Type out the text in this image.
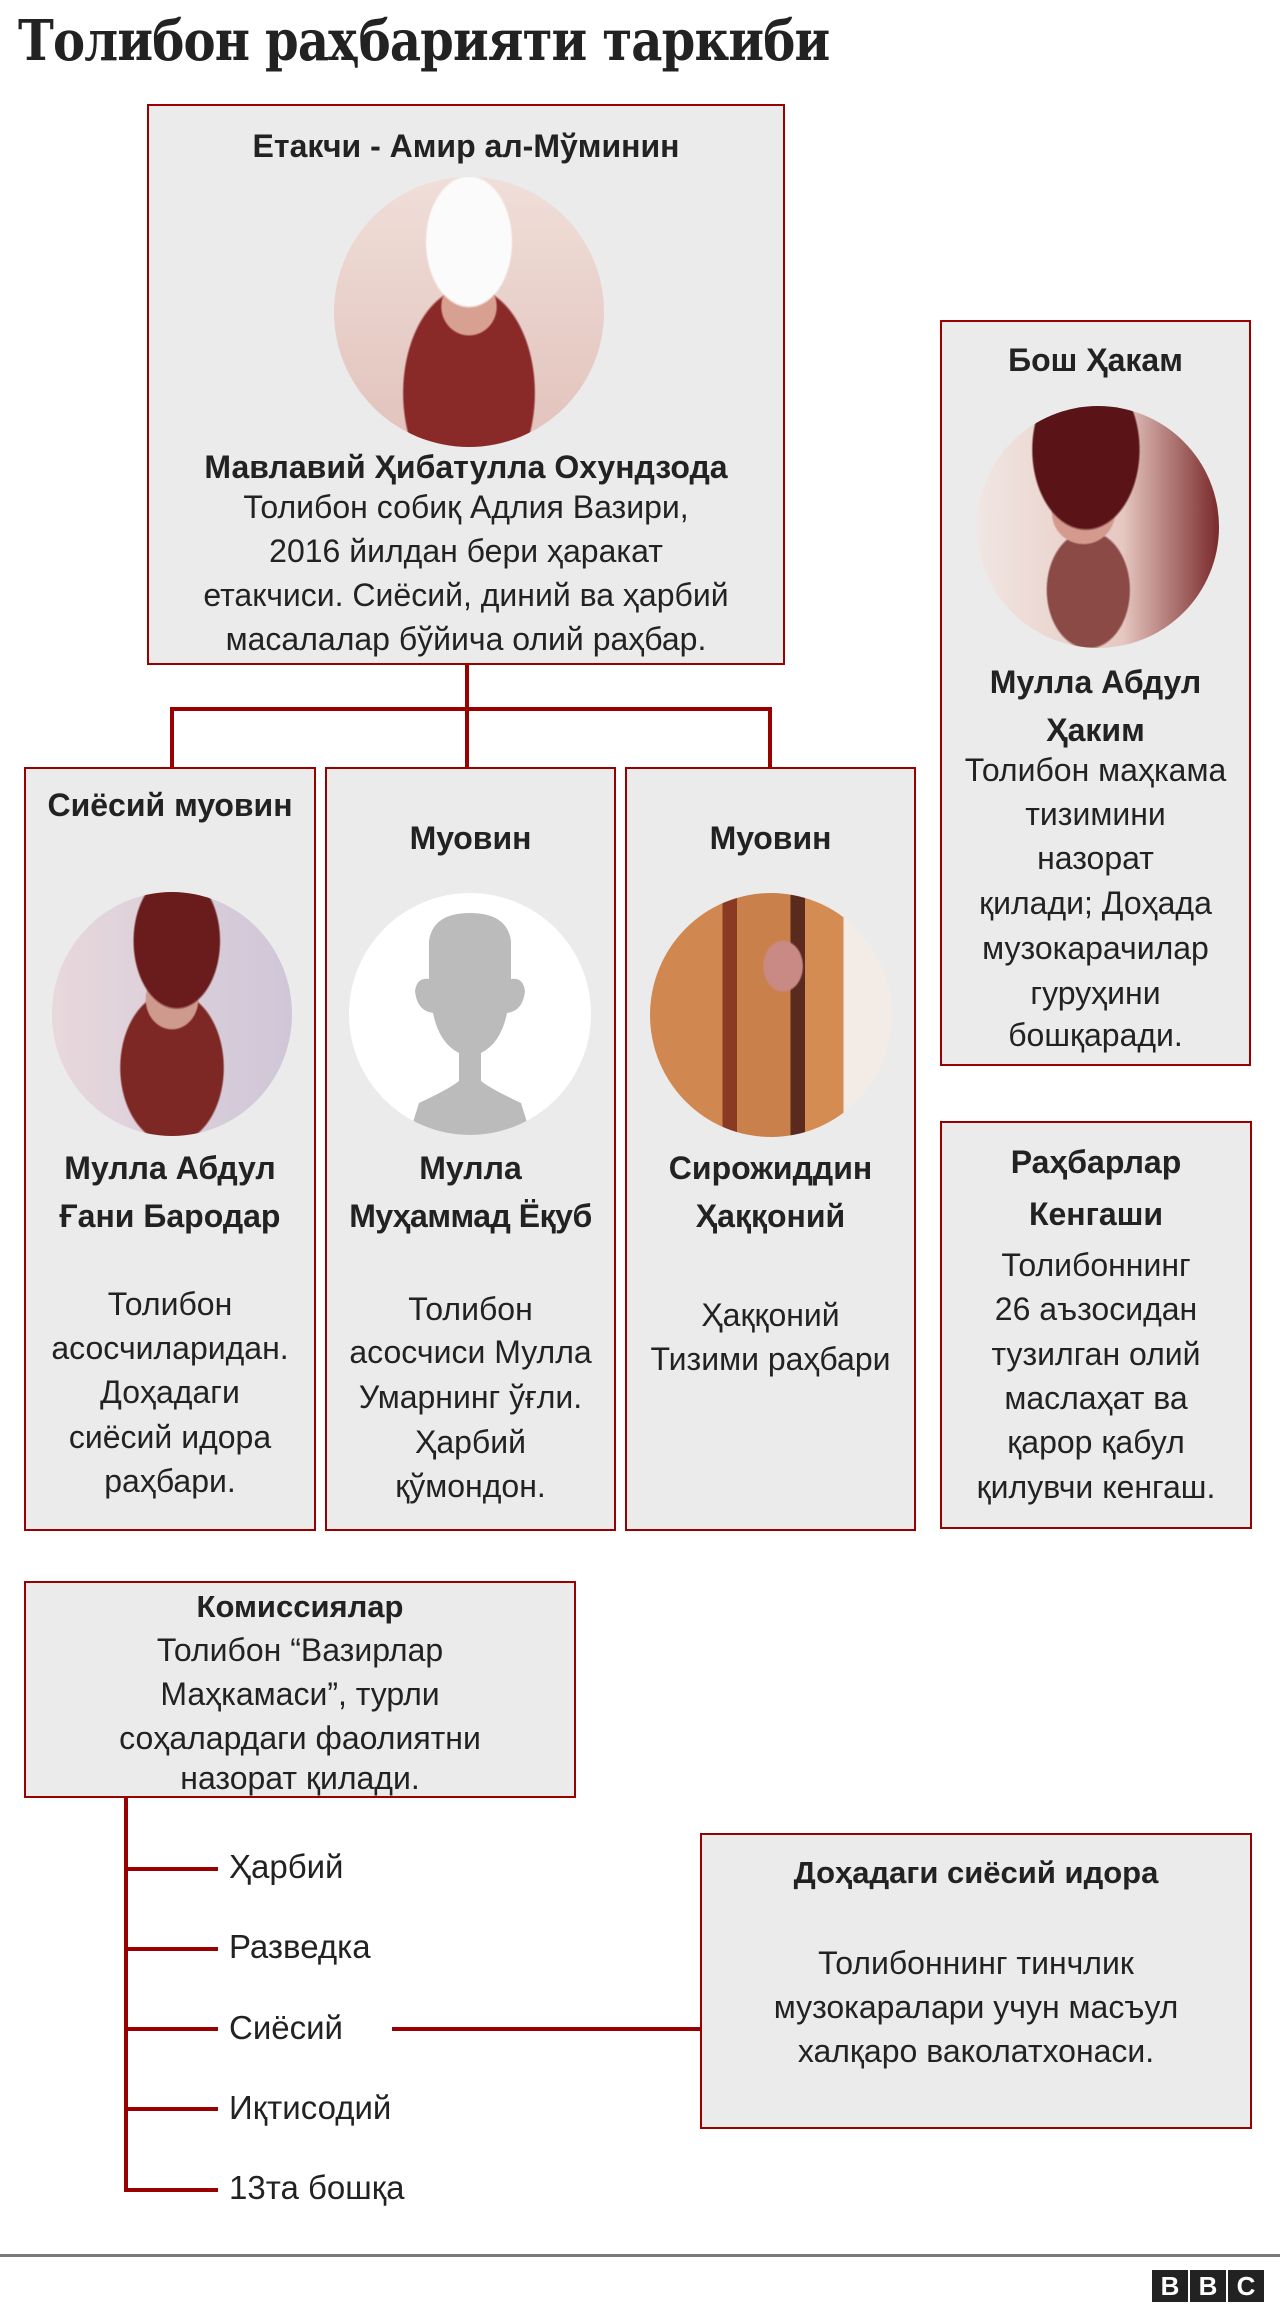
Толибон раҳбарияти таркиби
Етакчи - Амир ал-Мўминин
Мавлавий Ҳибатулла Охундзода
Толибон собиқ Адлия Вазири,
2016 йилдан бери ҳаракат
етакчиси. Сиёсий, диний ва ҳарбий
масалалар бўйича олий раҳбар.
Сиёсий муовин
Мулла Абдул
Ғани Бародар
Толибон
асосчиларидан.
Доҳадаги
сиёсий идора
раҳбари.
Муовин
Мулла
Муҳаммад Ёқуб
Толибон
асосчиси Мулла
Умарнинг ўғли.
Ҳарбий
қўмондон.
Муовин
Сирожиддин
Ҳаққоний
Ҳаққоний
Тизими раҳбари
Бош Ҳакам
Мулла Абдул
Ҳаким
Толибон маҳкама
тизимини
назорат
қилади; Доҳада
музокарачилар
гуруҳини
бошқаради.
Раҳбарлар
Кенгаши
Толибоннинг
26 аъзосидан
тузилган олий
маслаҳат ва
қарор қабул
қилувчи кенгаш.
Комиссиялар
Толибон “Вазирлар
Маҳкамаси”, турли
соҳалардаги фаолиятни
назорат қилади.
Ҳарбий
Разведка
Сиёсий
Иқтисодий
13та бошқа
Доҳадаги сиёсий идора
Толибоннинг тинчлик
музокаралари учун масъул
халқаро ваколатхонаси.
B B C
